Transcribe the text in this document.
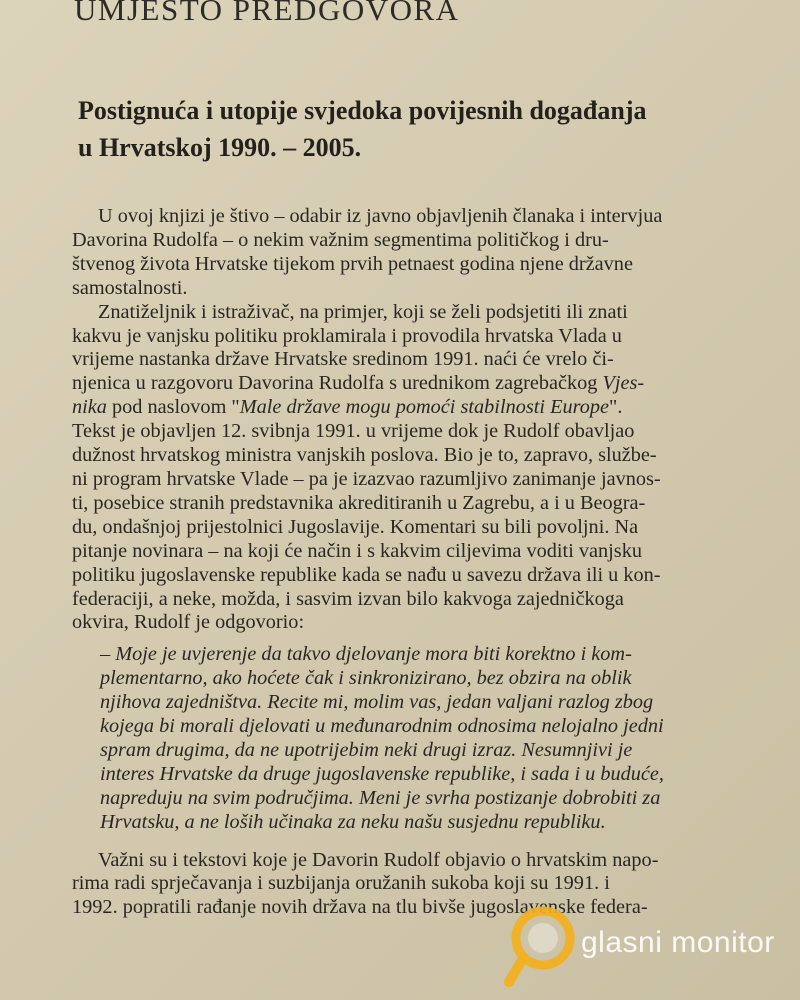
UMJESTO PREDGOVORA
Postignuća i utopije svjedoka povijesnih događanja
u Hrvatskoj 1990. – 2005.
U ovoj knjizi je štivo – odabir iz javno objavljenih članaka i intervjua
Davorina Rudolfa – o nekim važnim segmentima političkog i dru-
štvenog života Hrvatske tijekom prvih petnaest godina njene državne
samostalnosti.
Znatiželjnik i istraživač, na primjer, koji se želi podsjetiti ili znati
kakvu je vanjsku politiku proklamirala i provodila hrvatska Vlada u
vrijeme nastanka države Hrvatske sredinom 1991. naći će vrelo či-
njenica u razgovoru Davorina Rudolfa s urednikom zagrebačkog Vjes-
nika pod naslovom "Male države mogu pomoći stabilnosti Europe".
Tekst je objavljen 12. svibnja 1991. u vrijeme dok je Rudolf obavljao
dužnost hrvatskog ministra vanjskih poslova. Bio je to, zapravo, službe-
ni program hrvatske Vlade – pa je izazvao razumljivo zanimanje javnos-
ti, posebice stranih predstavnika akreditiranih u Zagrebu, a i u Beogra-
du, ondašnjoj prijestolnici Jugoslavije. Komentari su bili povoljni. Na
pitanje novinara – na koji će način i s kakvim ciljevima voditi vanjsku
politiku jugoslavenske republike kada se nađu u savezu država ili u kon-
federaciji, a neke, možda, i sasvim izvan bilo kakvoga zajedničkoga
okvira, Rudolf je odgovorio:
– Moje je uvjerenje da takvo djelovanje mora biti korektno i kom-
plementarno, ako hoćete čak i sinkronizirano, bez obzira na oblik
njihova zajedništva. Recite mi, molim vas, jedan valjani razlog zbog
kojega bi morali djelovati u međunarodnim odnosima nelojalno jedni
spram drugima, da ne upotrijebim neki drugi izraz. Nesumnjivi je
interes Hrvatske da druge jugoslavenske republike, i sada i u buduće,
napreduju na svim područjima. Meni je svrha postizanje dobrobiti za
Hrvatsku, a ne loših učinaka za neku našu susjednu republiku.
Važni su i tekstovi koje je Davorin Rudolf objavio o hrvatskim napo-
rima radi sprječavanja i suzbijanja oružanih sukoba koji su 1991. i
1992. popratili rađanje novih država na tlu bivše jugoslavenske federa-
glasni monitor
